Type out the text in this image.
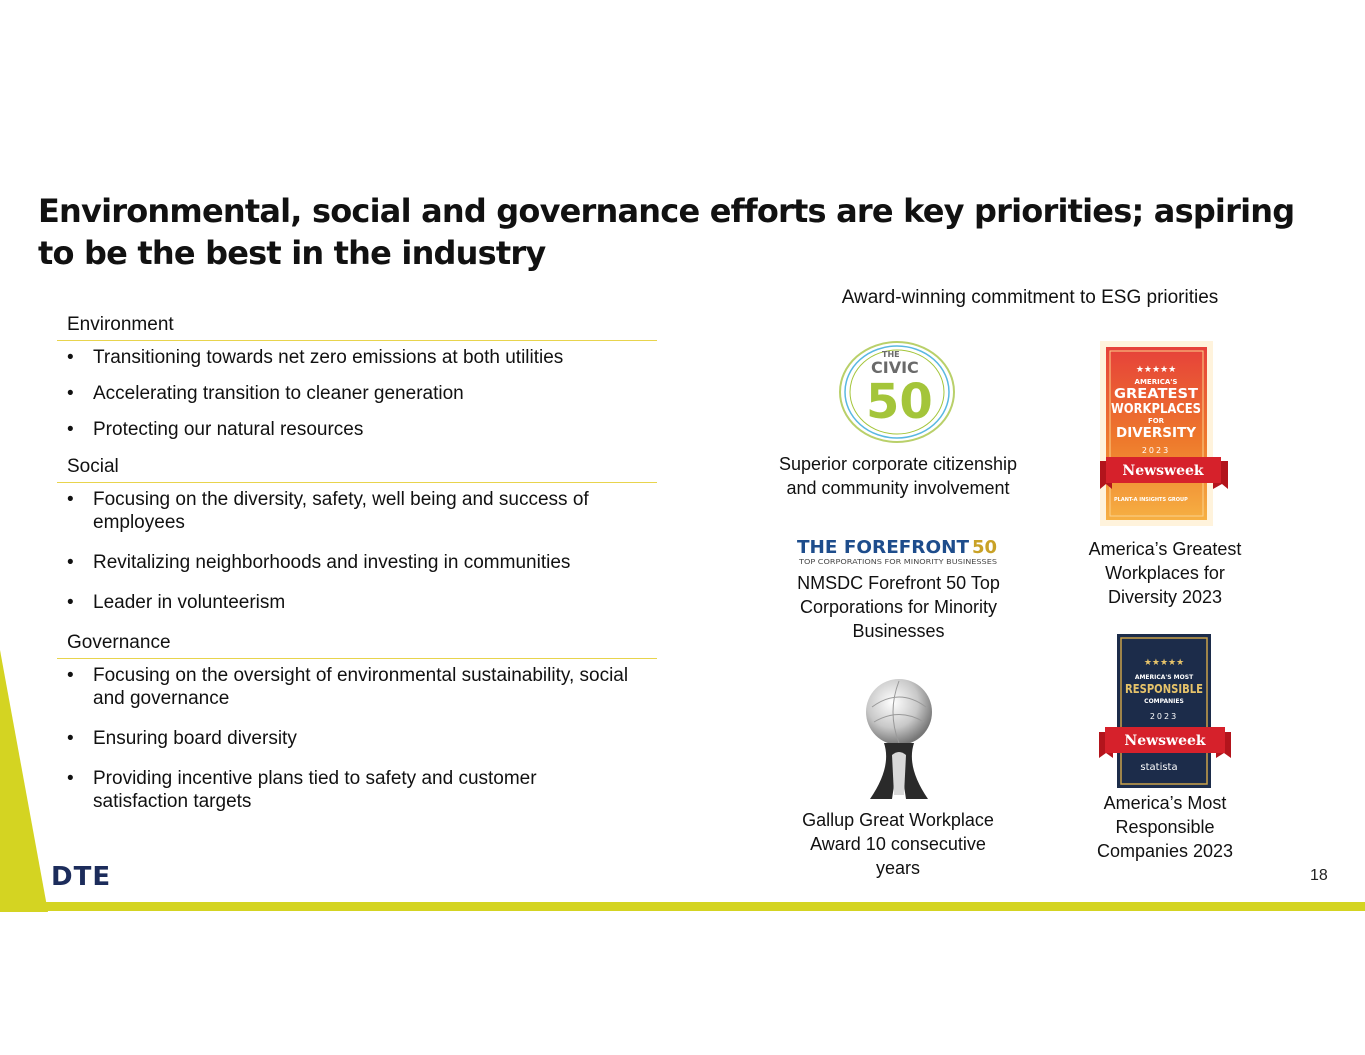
Environmental, social and governance efforts are key priorities; aspiring to be the best in the industry
Environment
• Transitioning towards net zero emissions at both utilities
• Accelerating transition to cleaner generation
• Protecting our natural resources
Social
• Focusing on the diversity, safety, well being and success of employees
• Revitalizing neighborhoods and investing in communities
• Leader in volunteerism
Governance
• Focusing on the oversight of environmental sustainability, social and governance
• Ensuring board diversity
• Providing incentive plans tied to safety and customer satisfaction targets
Award-winning commitment to ESG priorities
THE
CIVIC
50
Superior corporate citizenship and community involvement
THE FOREFRONT 50
TOP CORPORATIONS FOR MINORITY BUSINESSES
NMSDC Forefront 50 Top Corporations for Minority Businesses
Gallup Great Workplace Award 10 consecutive years
★★★★★
AMERICA'S
GREATEST
WORKPLACES
FOR
DIVERSITY
2023
Newsweek
PLANT-A INSIGHTS GROUP
America’s Greatest Workplaces for Diversity 2023
★★★★★
AMERICA'S MOST
RESPONSIBLE
COMPANIES
2023
Newsweek
statista
America’s Most Responsible Companies 2023
DTE	18
